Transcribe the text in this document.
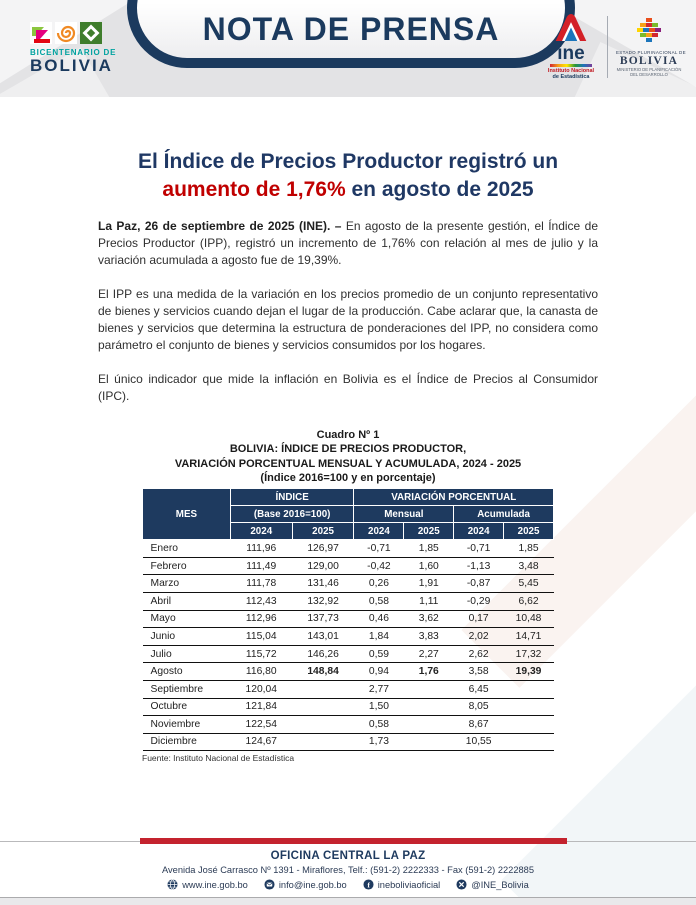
NOTA DE PRENSA
BICENTENARIO DE
BOLIVIA
ine
Instituto Nacional
de Estadística
ESTADO PLURINACIONAL DE
BOLIVIA
MINISTERIO DE PLANIFICACIÓN DEL DESARROLLO
El Índice de Precios Productor registró un
aumento de 1,76% en agosto de 2025

La Paz, 26 de septiembre de 2025 (INE). – En agosto de la presente gestión, el Índice de Precios Productor (IPP), registró un incremento de 1,76% con relación al mes de julio y la variación acumulada a agosto fue de 19,39%.

El IPP es una medida de la variación en los precios promedio de un conjunto representativo de bienes y servicios cuando dejan el lugar de la producción. Cabe aclarar que, la canasta de bienes y servicios que determina la estructura de ponderaciones del IPP, no considera como parámetro el conjunto de bienes y servicios consumidos por los hogares.

El único indicador que mide la inflación en Bolivia es el Índice de Precios al Consumidor (IPC).

Cuadro Nº 1
BOLIVIA: ÍNDICE DE PRECIOS PRODUCTOR,
VARIACIÓN PORCENTUAL MENSUAL Y ACUMULADA, 2024 - 2025
(Índice 2016=100 y en porcentaje)
MES	ÍNDICE		VARIACIÓN PORCENTUAL			
	(Base 2016=100)		Mensual		Acumulada	
	2024	2025	2024	2025	2024	2025
Enero	111,96	126,97	-0,71	1,85	-0,71	1,85
Febrero	111,49	129,00	-0,42	1,60	-1,13	3,48
Marzo	111,78	131,46	0,26	1,91	-0,87	5,45
Abril	112,43	132,92	0,58	1,11	-0,29	6,62
Mayo	112,96	137,73	0,46	3,62	0,17	10,48
Junio	115,04	143,01	1,84	3,83	2,02	14,71
Julio	115,72	146,26	0,59	2,27	2,62	17,32
Agosto	116,80	148,84	0,94	1,76	3,58	19,39
Septiembre	120,04		2,77		6,45	
Octubre	121,84		1,50		8,05	
Noviembre	122,54		0,58		8,67	
Diciembre	124,67		1,73		10,55	
Fuente: Instituto Nacional de Estadística
OFICINA CENTRAL LA PAZ
Avenida José Carrasco Nº 1391 - Miraflores, Telf.: (591-2) 2222333 - Fax (591-2) 2222885
www.ine.gob.bo	info@ine.gob.bo f ineboliviaoficial	@INE_Bolivia
